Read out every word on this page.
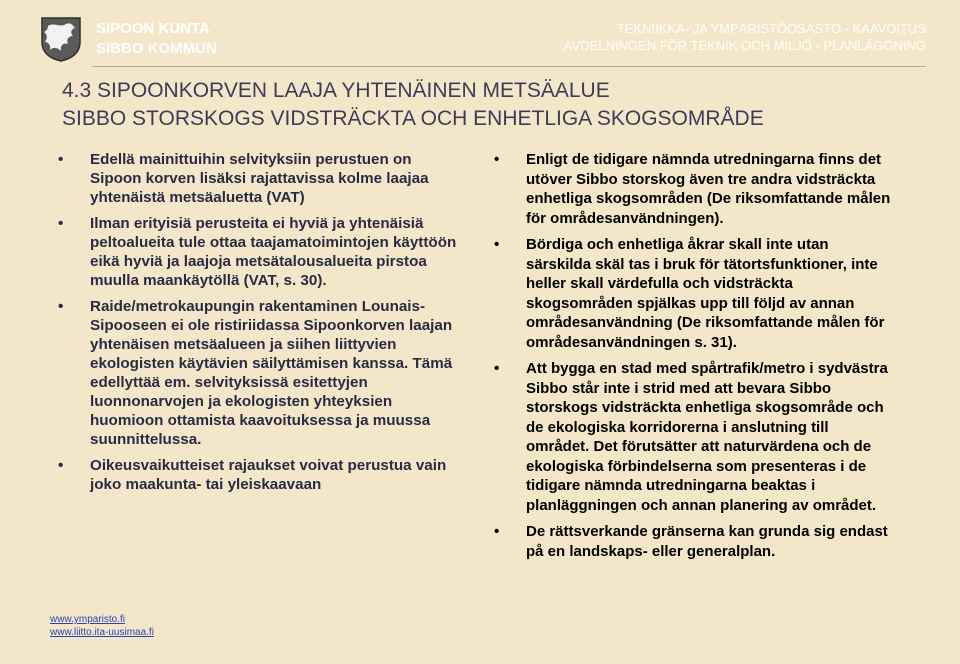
SIPOON KUNTA
SIBBO KOMMUN
TEKNIIKKA- JA YMPÄRISTÖOSASTO - KAAVOITUS
AVDELNINGEN FÖR TEKNIK OCH MILJÖ - PLANLÄGGNING
4.3 SIPOONKORVEN LAAJA YHTENÄINEN METSÄALUE
SIBBO STORSKOGS VIDSTRÄCKTA OCH ENHETLIGA SKOGSOMRÅDE
• Edellä mainittuihin selvityksiin perustuen on Sipoon korven lisäksi rajattavissa kolme laajaa yhtenäistä metsäaluetta (VAT)
• Ilman erityisiä perusteita ei hyviä ja yhtenäisiä peltoalueita tule ottaa taajamatoimintojen käyttöön eikä hyviä ja laajoja metsätalousalueita pirstoa muulla maankäytöllä (VAT, s. 30).
• Raide/metrokaupungin rakentaminen Lounais-Sipooseen ei ole ristiriidassa Sipoonkorven laajan yhtenäisen metsäalueen ja siihen liittyvien ekologisten käytävien säilyttämisen kanssa. Tämä edellyttää em. selvityksissä esitettyjen luonnonarvojen ja ekologisten yhteyksien huomioon ottamista kaavoituksessa ja muussa suunnittelussa.
• Oikeusvaikutteiset rajaukset voivat perustua vain joko maakunta- tai yleiskaavaan
• Enligt de tidigare nämnda utredningarna finns det utöver Sibbo storskog även tre andra vidsträckta enhetliga skogsområden (De riksomfattande målen för områdesanvändningen).
• Bördiga och enhetliga åkrar skall inte utan särskilda skäl tas i bruk för tätortsfunktioner, inte heller skall värdefulla och vidsträckta skogsområden spjälkas upp till följd av annan områdesanvändning (De riksomfattande målen för områdesanvändningen s. 31).
• Att bygga en stad med spårtrafik/metro i sydvästra Sibbo står inte i strid med att bevara Sibbo storskogs vidsträckta enhetliga skogsområde och de ekologiska korridorerna i anslutning till området. Det förutsätter att naturvärdena och de ekologiska förbindelserna som presenteras i de tidigare nämnda utredningarna beaktas i planläggningen och annan planering av området.
• De rättsverkande gränserna kan grunda sig endast på en landskaps- eller generalplan.
www.ymparisto.fi
www.liitto.ita-uusimaa.fi
